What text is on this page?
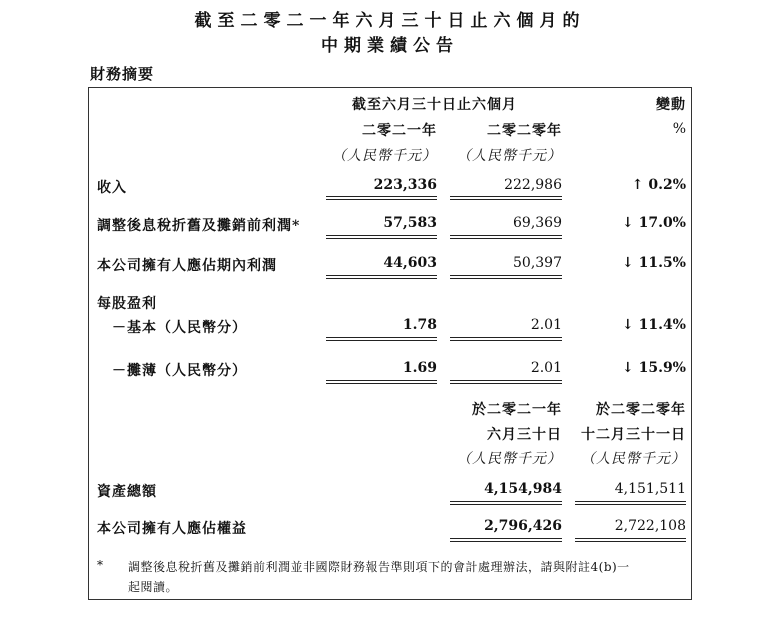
截至二零二一年六月三十日止六個月的
中期業績公告
財務摘要
截至六月三十日止六個月	變動
二零二一年	二零二零年	%
（人民幣千元）	（人民幣千元）
收入	223,336	222,986	↑ 0.2%
調整後息稅折舊及攤銷前利潤*	57,583	69,369	↓ 17.0%
本公司擁有人應佔期內利潤	44,603	50,397	↓ 11.5%
每股盈利
－基本（人民幣分）	1.78	2.01	↓ 11.4%
－攤薄（人民幣分）	1.69	2.01	↓ 15.9%
於二零二一年	於二零二零年
六月三十日	十二月三十一日
（人民幣千元）	（人民幣千元）
資產總額	4,154,984	4,151,511
本公司擁有人應佔權益	2,796,426	2,722,108
* 調整後息稅折舊及攤銷前利潤並非國際財務報告準則項下的會計處理辦法，請與附註4(b)一
起閱讀。
